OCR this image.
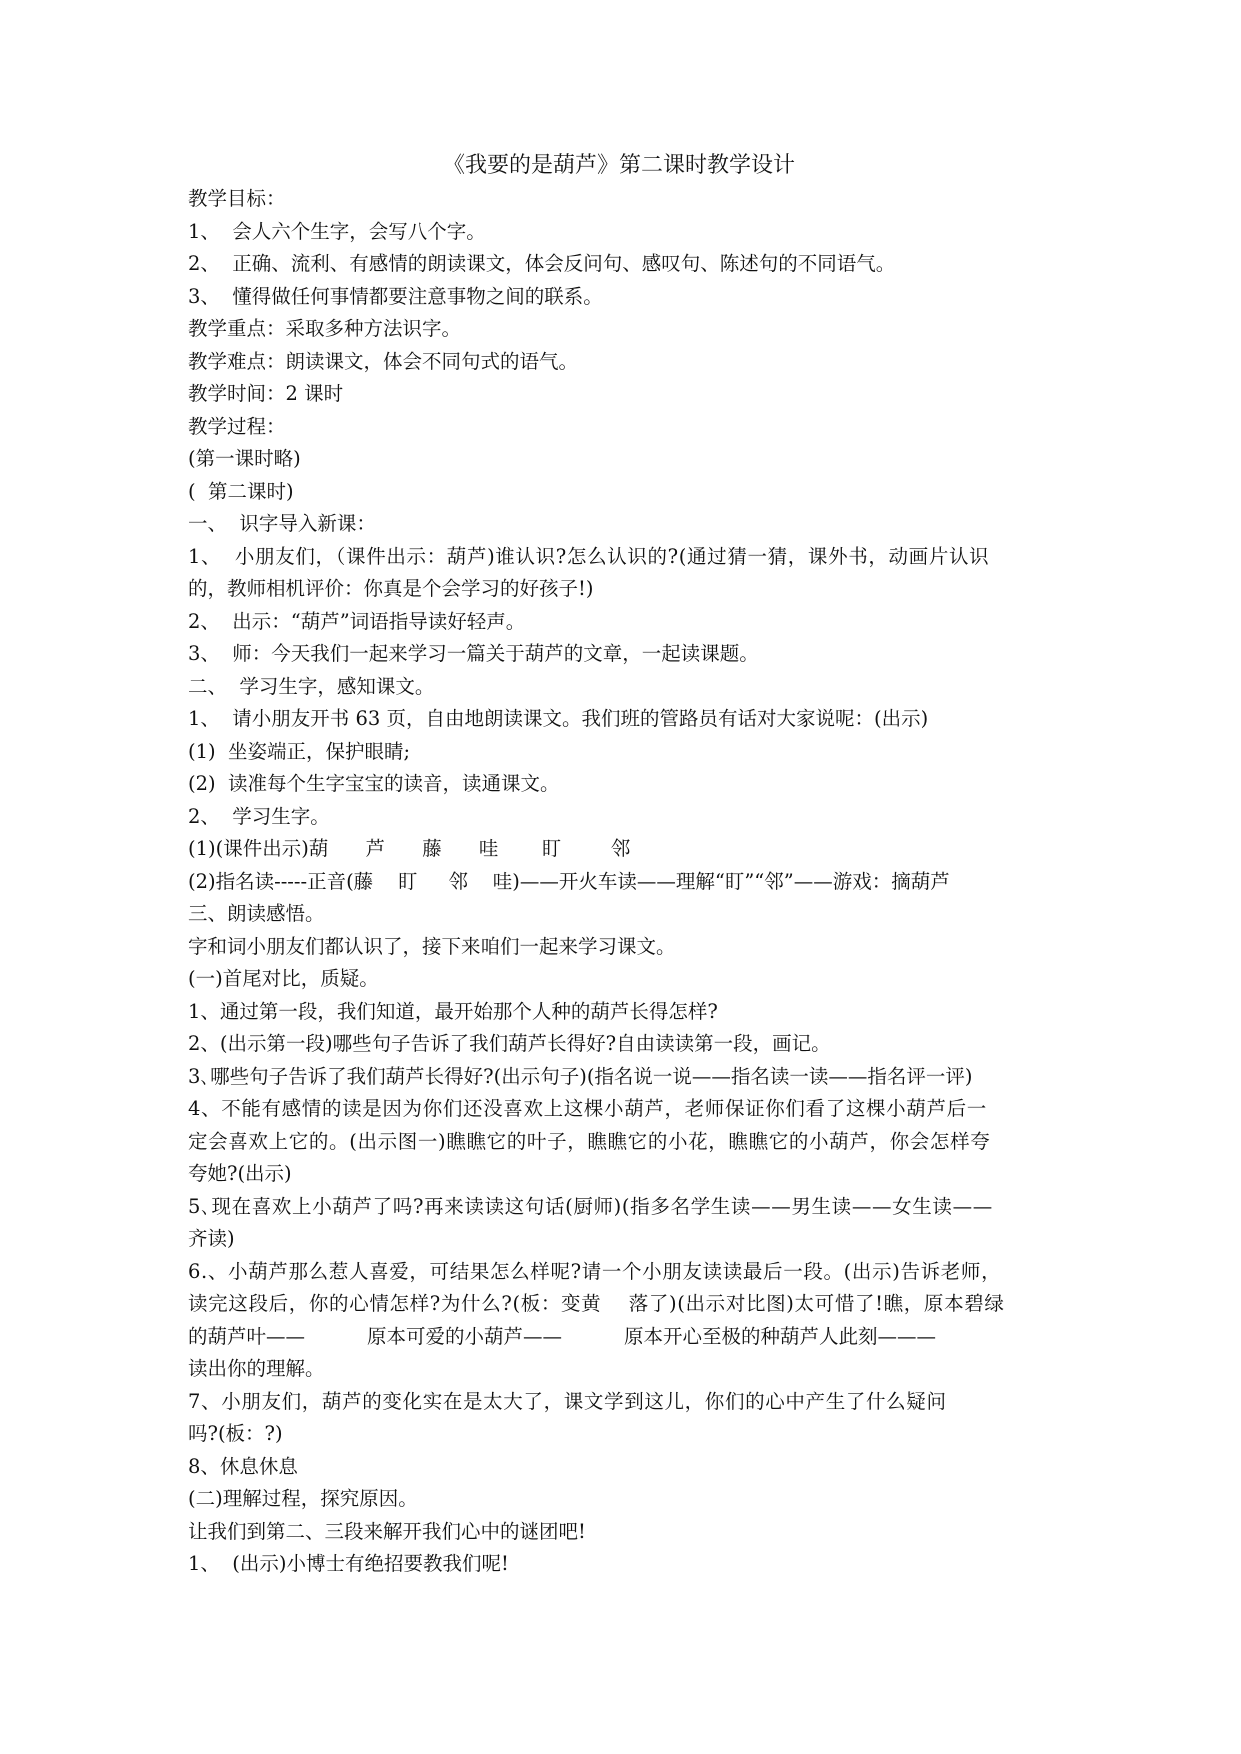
《我要的是葫芦》第二课时教学设计
教学目标：
1、  会人六个生字，会写八个字。
2、  正确、流利、有感情的朗读课文，体会反问句、感叹句、陈述句的不同语气。
3、  懂得做任何事情都要注意事物之间的联系。
教学重点：采取多种方法识字。
教学难点：朗读课文，体会不同句式的语气。
教学时间：2 课时
教学过程：
(第一课时略)
(  第二课时)
一、  识字导入新课：
1、  小朋友们，（课件出示：葫芦)谁认识?怎么认识的?(通过猜一猜，课外书，动画片认识
的，教师相机评价：你真是个会学习的好孩子!)
2、  出示：“葫芦”词语指导读好轻声。
3、  师：今天我们一起来学习一篇关于葫芦的文章，一起读课题。
二、  学习生字，感知课文。
1、  请小朋友开书 63 页，自由地朗读课文。我们班的管路员有话对大家说呢：(出示)
(1)  坐姿端正，保护眼睛;
(2)  读准每个生字宝宝的读音，读通课文。
2、  学习生字。
(1)(课件出示)葫      芦      藤      哇       盯        邻
(2)指名读-----正音(藤    盯     邻    哇)——开火车读——理解“盯”“邻”——游戏：摘葫芦
三、朗读感悟。
字和词小朋友们都认识了，接下来咱们一起来学习课文。
(一)首尾对比，质疑。
1、通过第一段，我们知道，最开始那个人种的葫芦长得怎样?
2、(出示第一段)哪些句子告诉了我们葫芦长得好?自由读读第一段，画记。
3､哪些句子告诉了我们葫芦长得好?(出示句子)(指名说一说——指名读一读——指名评一评)
4、不能有感情的读是因为你们还没喜欢上这棵小葫芦，老师保证你们看了这棵小葫芦后一
定会喜欢上它的。(出示图一)瞧瞧它的叶子，瞧瞧它的小花，瞧瞧它的小葫芦，你会怎样夸
夸她?(出示)
5､现在喜欢上小葫芦了吗?再来读读这句话(厨师)(指多名学生读——男生读——女生读——
齐读)
6.、小葫芦那么惹人喜爱，可结果怎么样呢?请一个小朋友读读最后一段。(出示)告诉老师，
读完这段后，你的心情怎样?为什么?(板：变黄    落了)(出示对比图)太可惜了!瞧，原本碧绿
的葫芦叶——          原本可爱的小葫芦——          原本开心至极的种葫芦人此刻———
读出你的理解。
7、小朋友们，葫芦的变化实在是太大了，课文学到这儿，你们的心中产生了什么疑问
吗?(板：?)
8、休息休息
(二)理解过程，探究原因。
让我们到第二、三段来解开我们心中的谜团吧!
1、  (出示)小博士有绝招要教我们呢!
